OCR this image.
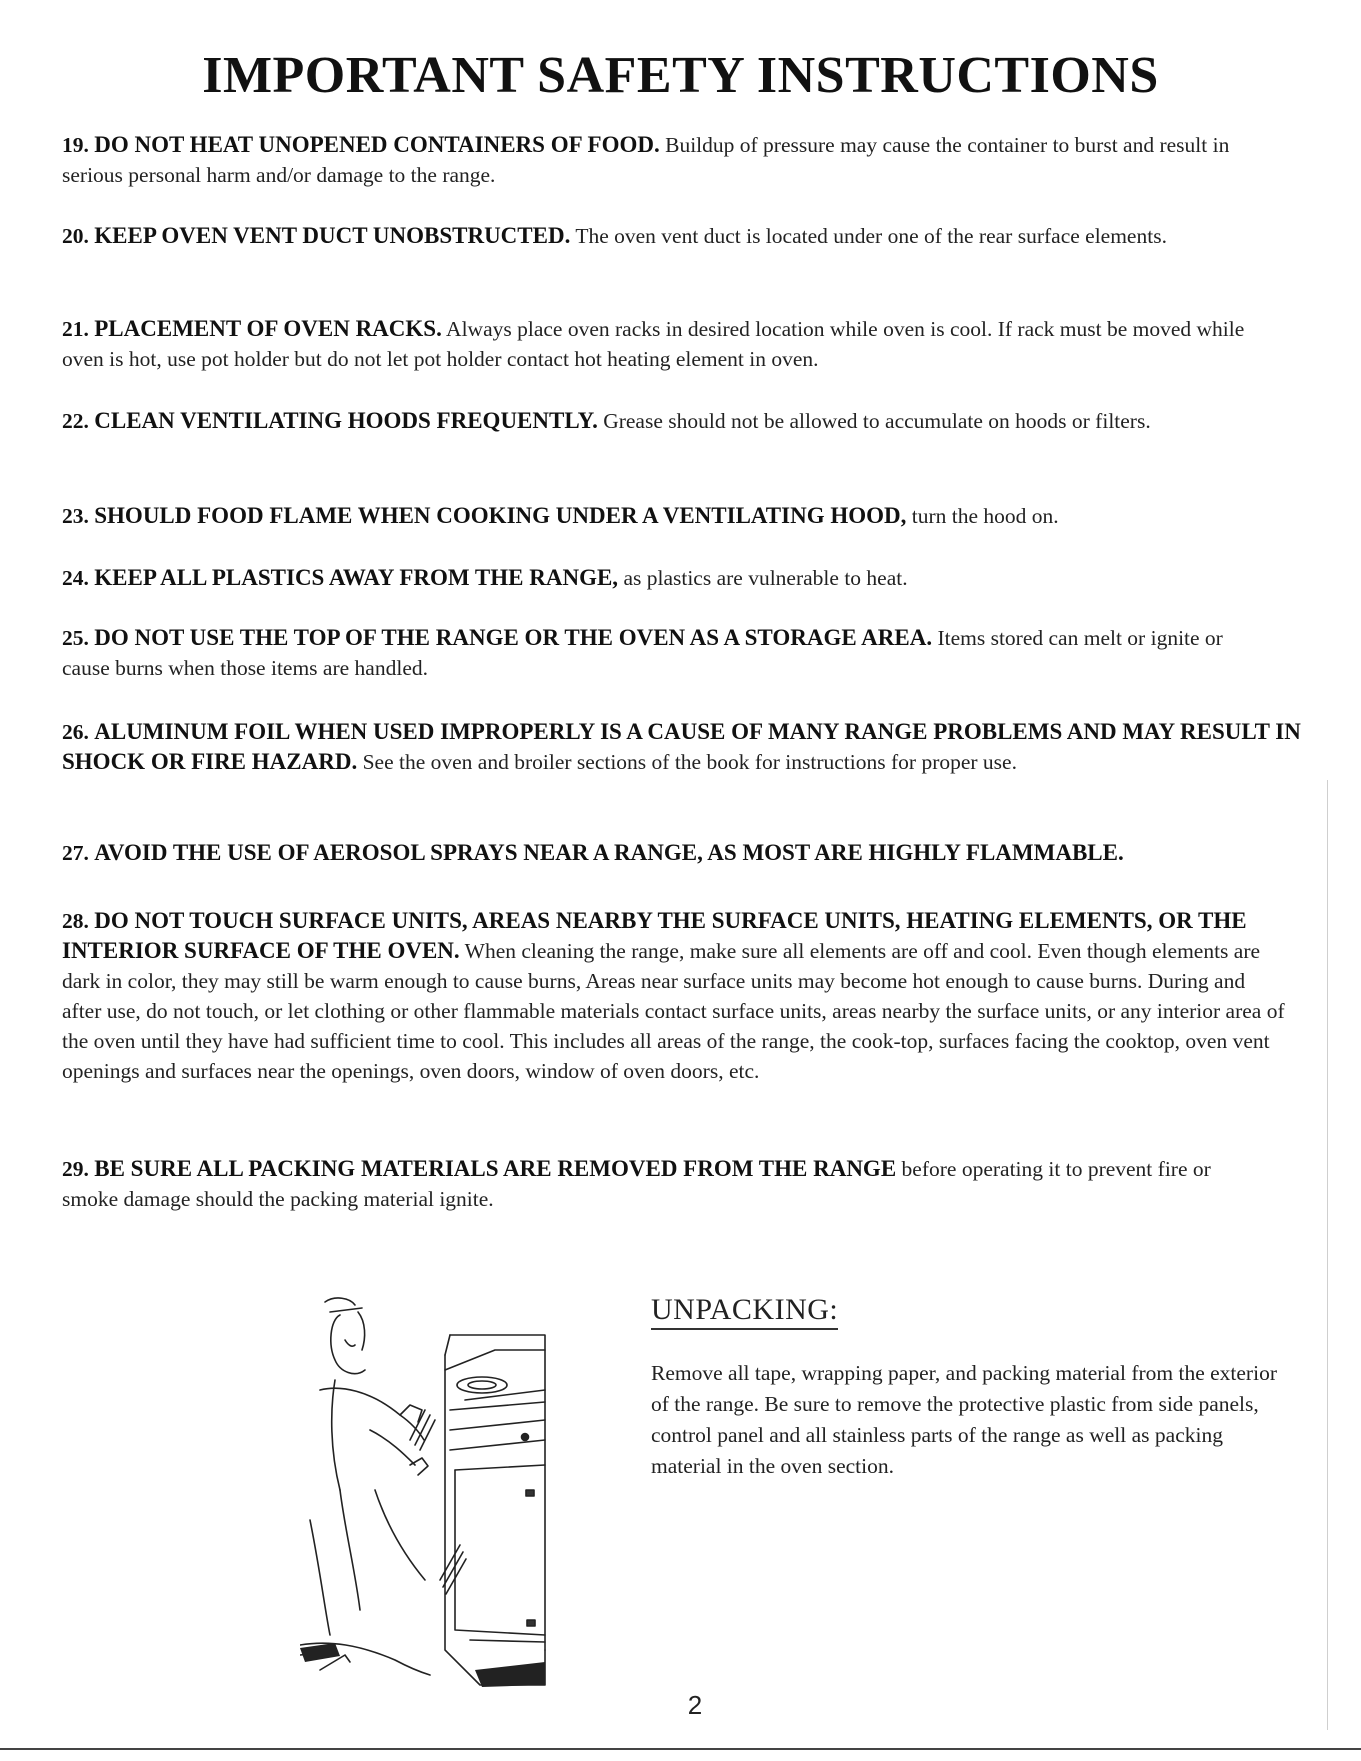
IMPORTANT SAFETY INSTRUCTIONS

19. DO NOT HEAT UNOPENED CONTAINERS OF FOOD. Buildup of pressure may cause the container to burst and result in serious personal harm and/or damage to the range.

20. KEEP OVEN VENT DUCT UNOBSTRUCTED. The oven vent duct is located under one of the rear surface elements.

21. PLACEMENT OF OVEN RACKS. Always place oven racks in desired location while oven is cool. If rack must be moved while oven is hot, use pot holder but do not let pot holder contact hot heating element in oven.

22. CLEAN VENTILATING HOODS FREQUENTLY. Grease should not be allowed to accumulate on hoods or filters.

23. SHOULD FOOD FLAME WHEN COOKING UNDER A VENTILATING HOOD, turn the hood on.

24. KEEP ALL PLASTICS AWAY FROM THE RANGE, as plastics are vulnerable to heat.

25. DO NOT USE THE TOP OF THE RANGE OR THE OVEN AS A STORAGE AREA. Items stored can melt or ignite or cause burns when those items are handled.

26. ALUMINUM FOIL WHEN USED IMPROPERLY IS A CAUSE OF MANY RANGE PROBLEMS AND MAY RESULT IN SHOCK OR FIRE HAZARD. See the oven and broiler sections of the book for instructions for proper use.

27. AVOID THE USE OF AEROSOL SPRAYS NEAR A RANGE, AS MOST ARE HIGHLY FLAMMABLE.

28. DO NOT TOUCH SURFACE UNITS, AREAS NEARBY THE SURFACE UNITS, HEATING ELEMENTS, OR THE INTERIOR SURFACE OF THE OVEN. When cleaning the range, make sure all elements are off and cool. Even though elements are dark in color, they may still be warm enough to cause burns, Areas near surface units may become hot enough to cause burns. During and after use, do not touch, or let clothing or other flammable materials contact surface units, areas nearby the surface units, or any interior area of the oven until they have had sufficient time to cool. This includes all areas of the range, the cook-top, surfaces facing the cooktop, oven vent openings and surfaces near the openings, oven doors, window of oven doors, etc.

29. BE SURE ALL PACKING MATERIALS ARE REMOVED FROM THE RANGE before operating it to prevent fire or smoke damage should the packing material ignite.

UNPACKING:

Remove all tape, wrapping paper, and packing material from the exterior of the range. Be sure to remove the protective plastic from side panels, control panel and all stainless parts of the range as well as packing material in the oven section.

2
